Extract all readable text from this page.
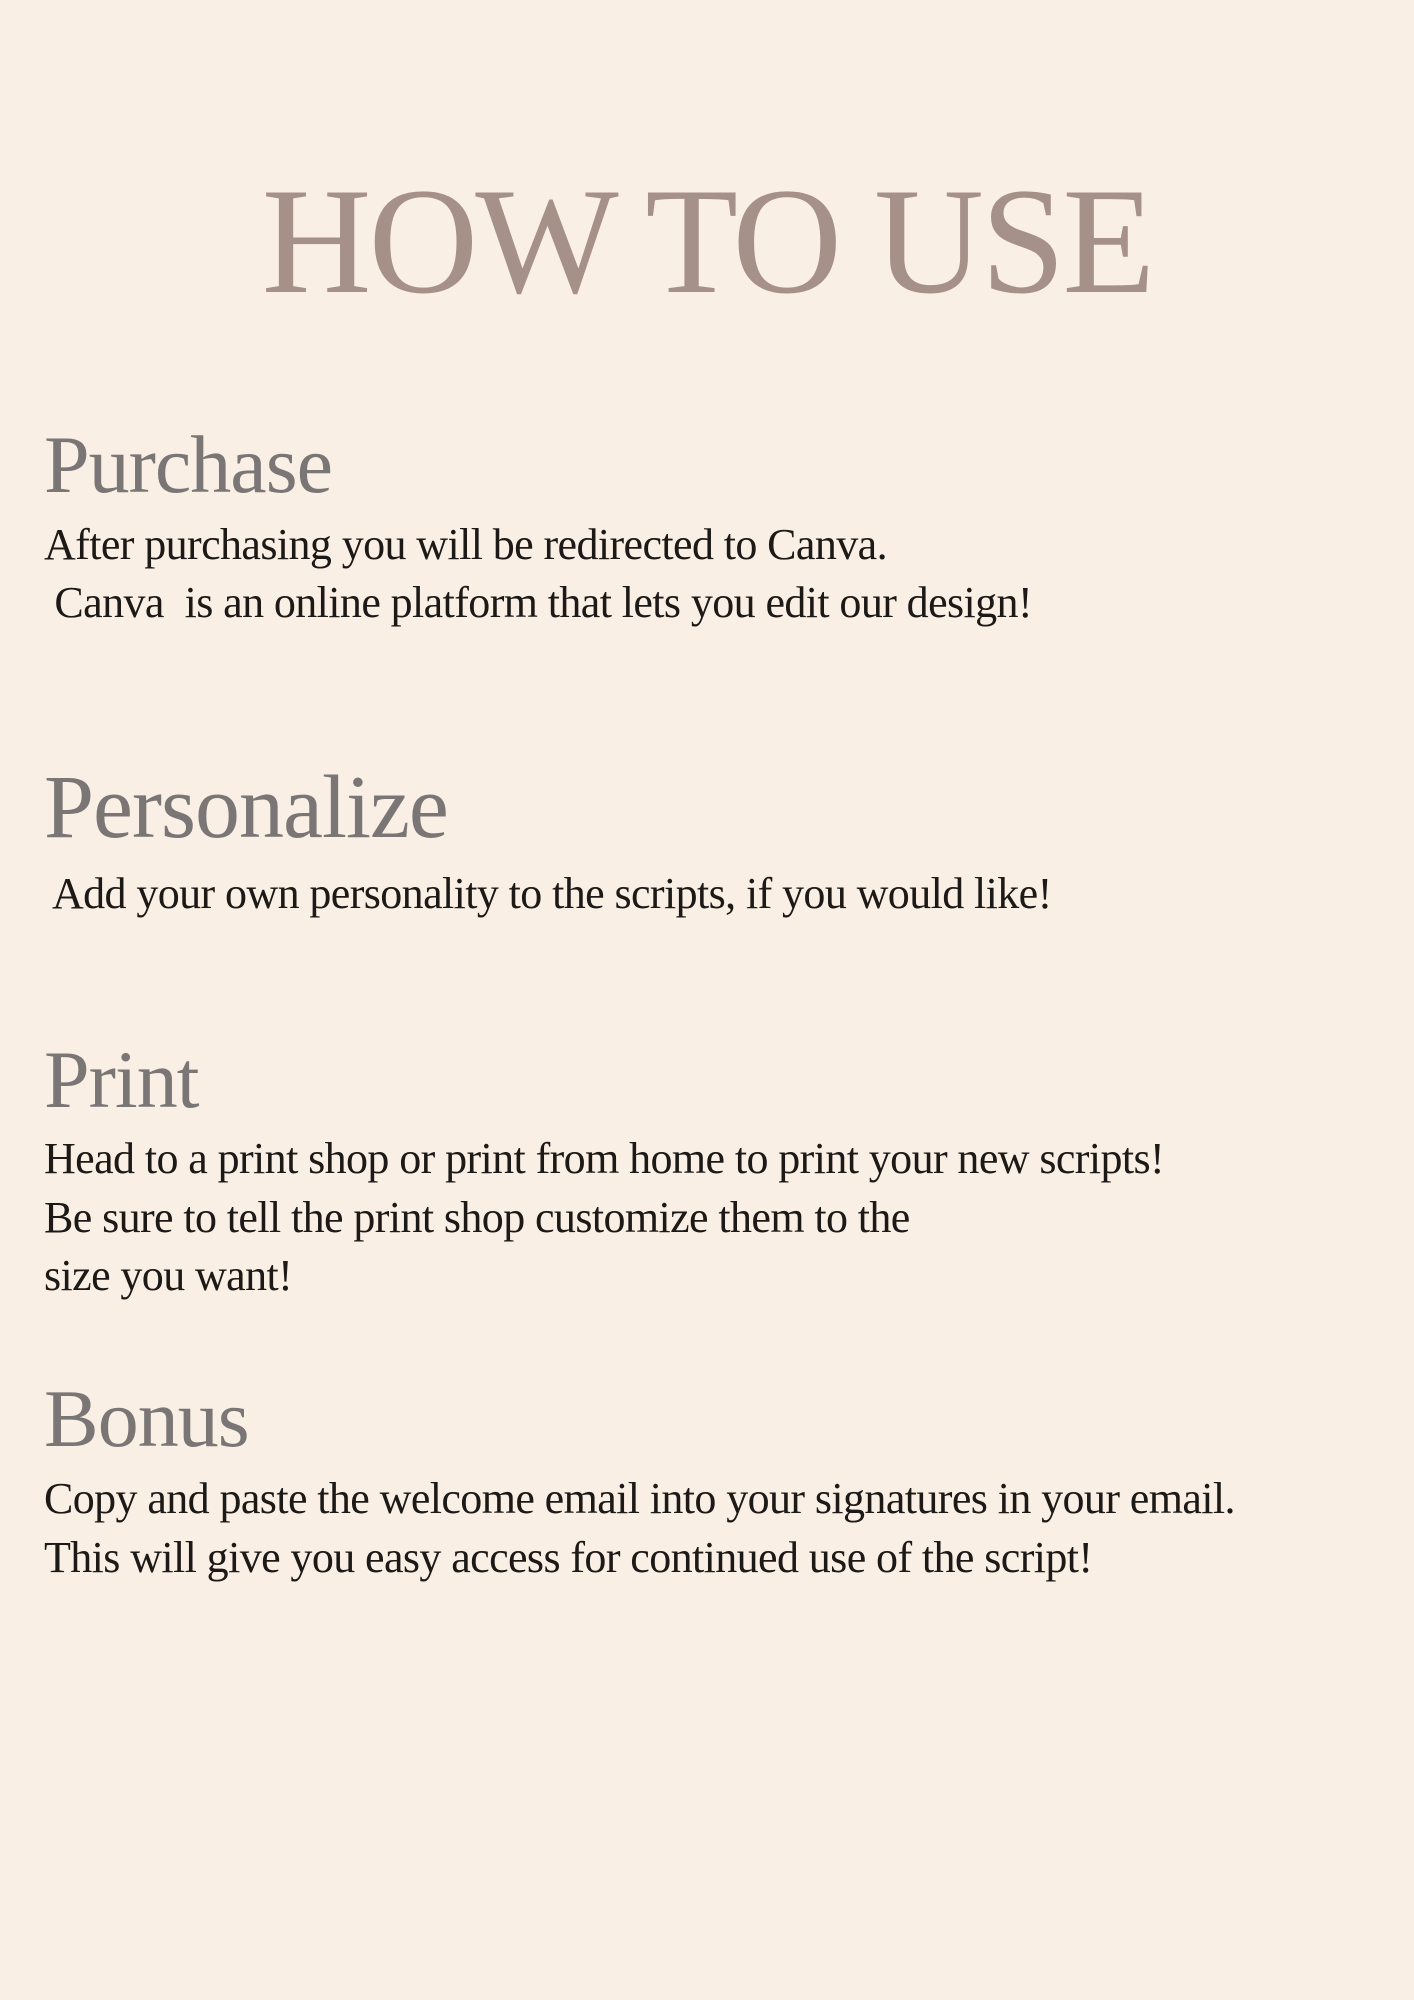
HOW TO USE
Purchase

After purchasing you will be redirected to Canva.

Canva  is an online platform that lets you edit our design!

Personalize

Add your own personality to the scripts, if you would like!

Print

Head to a print shop or print from home to print your new scripts!

Be sure to tell the print shop customize them to the

size you want!

Bonus

Copy and paste the welcome email into your signatures in your email.

This will give you easy access for continued use of the script!
